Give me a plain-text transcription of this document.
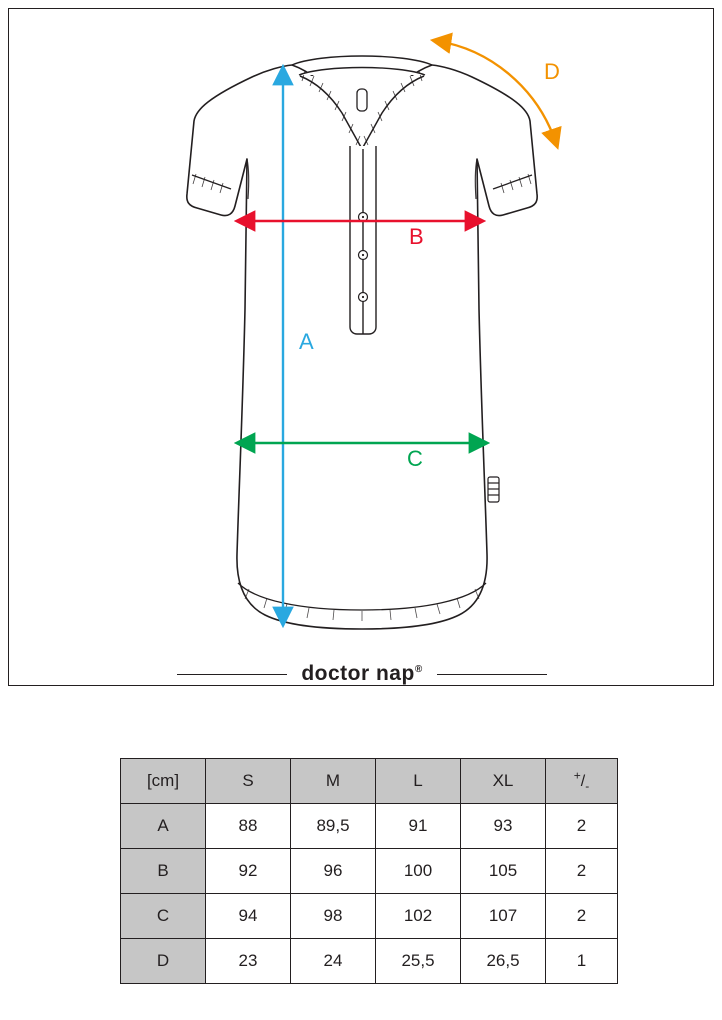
A
B
C
D
doctor nap®
[cm]	S	M	L	XL	$^+/_-$
A	88	89,5	91	93	2
B	92	96	100	105	2
C	94	98	102	107	2
D	23	24	25,5	26,5	1
